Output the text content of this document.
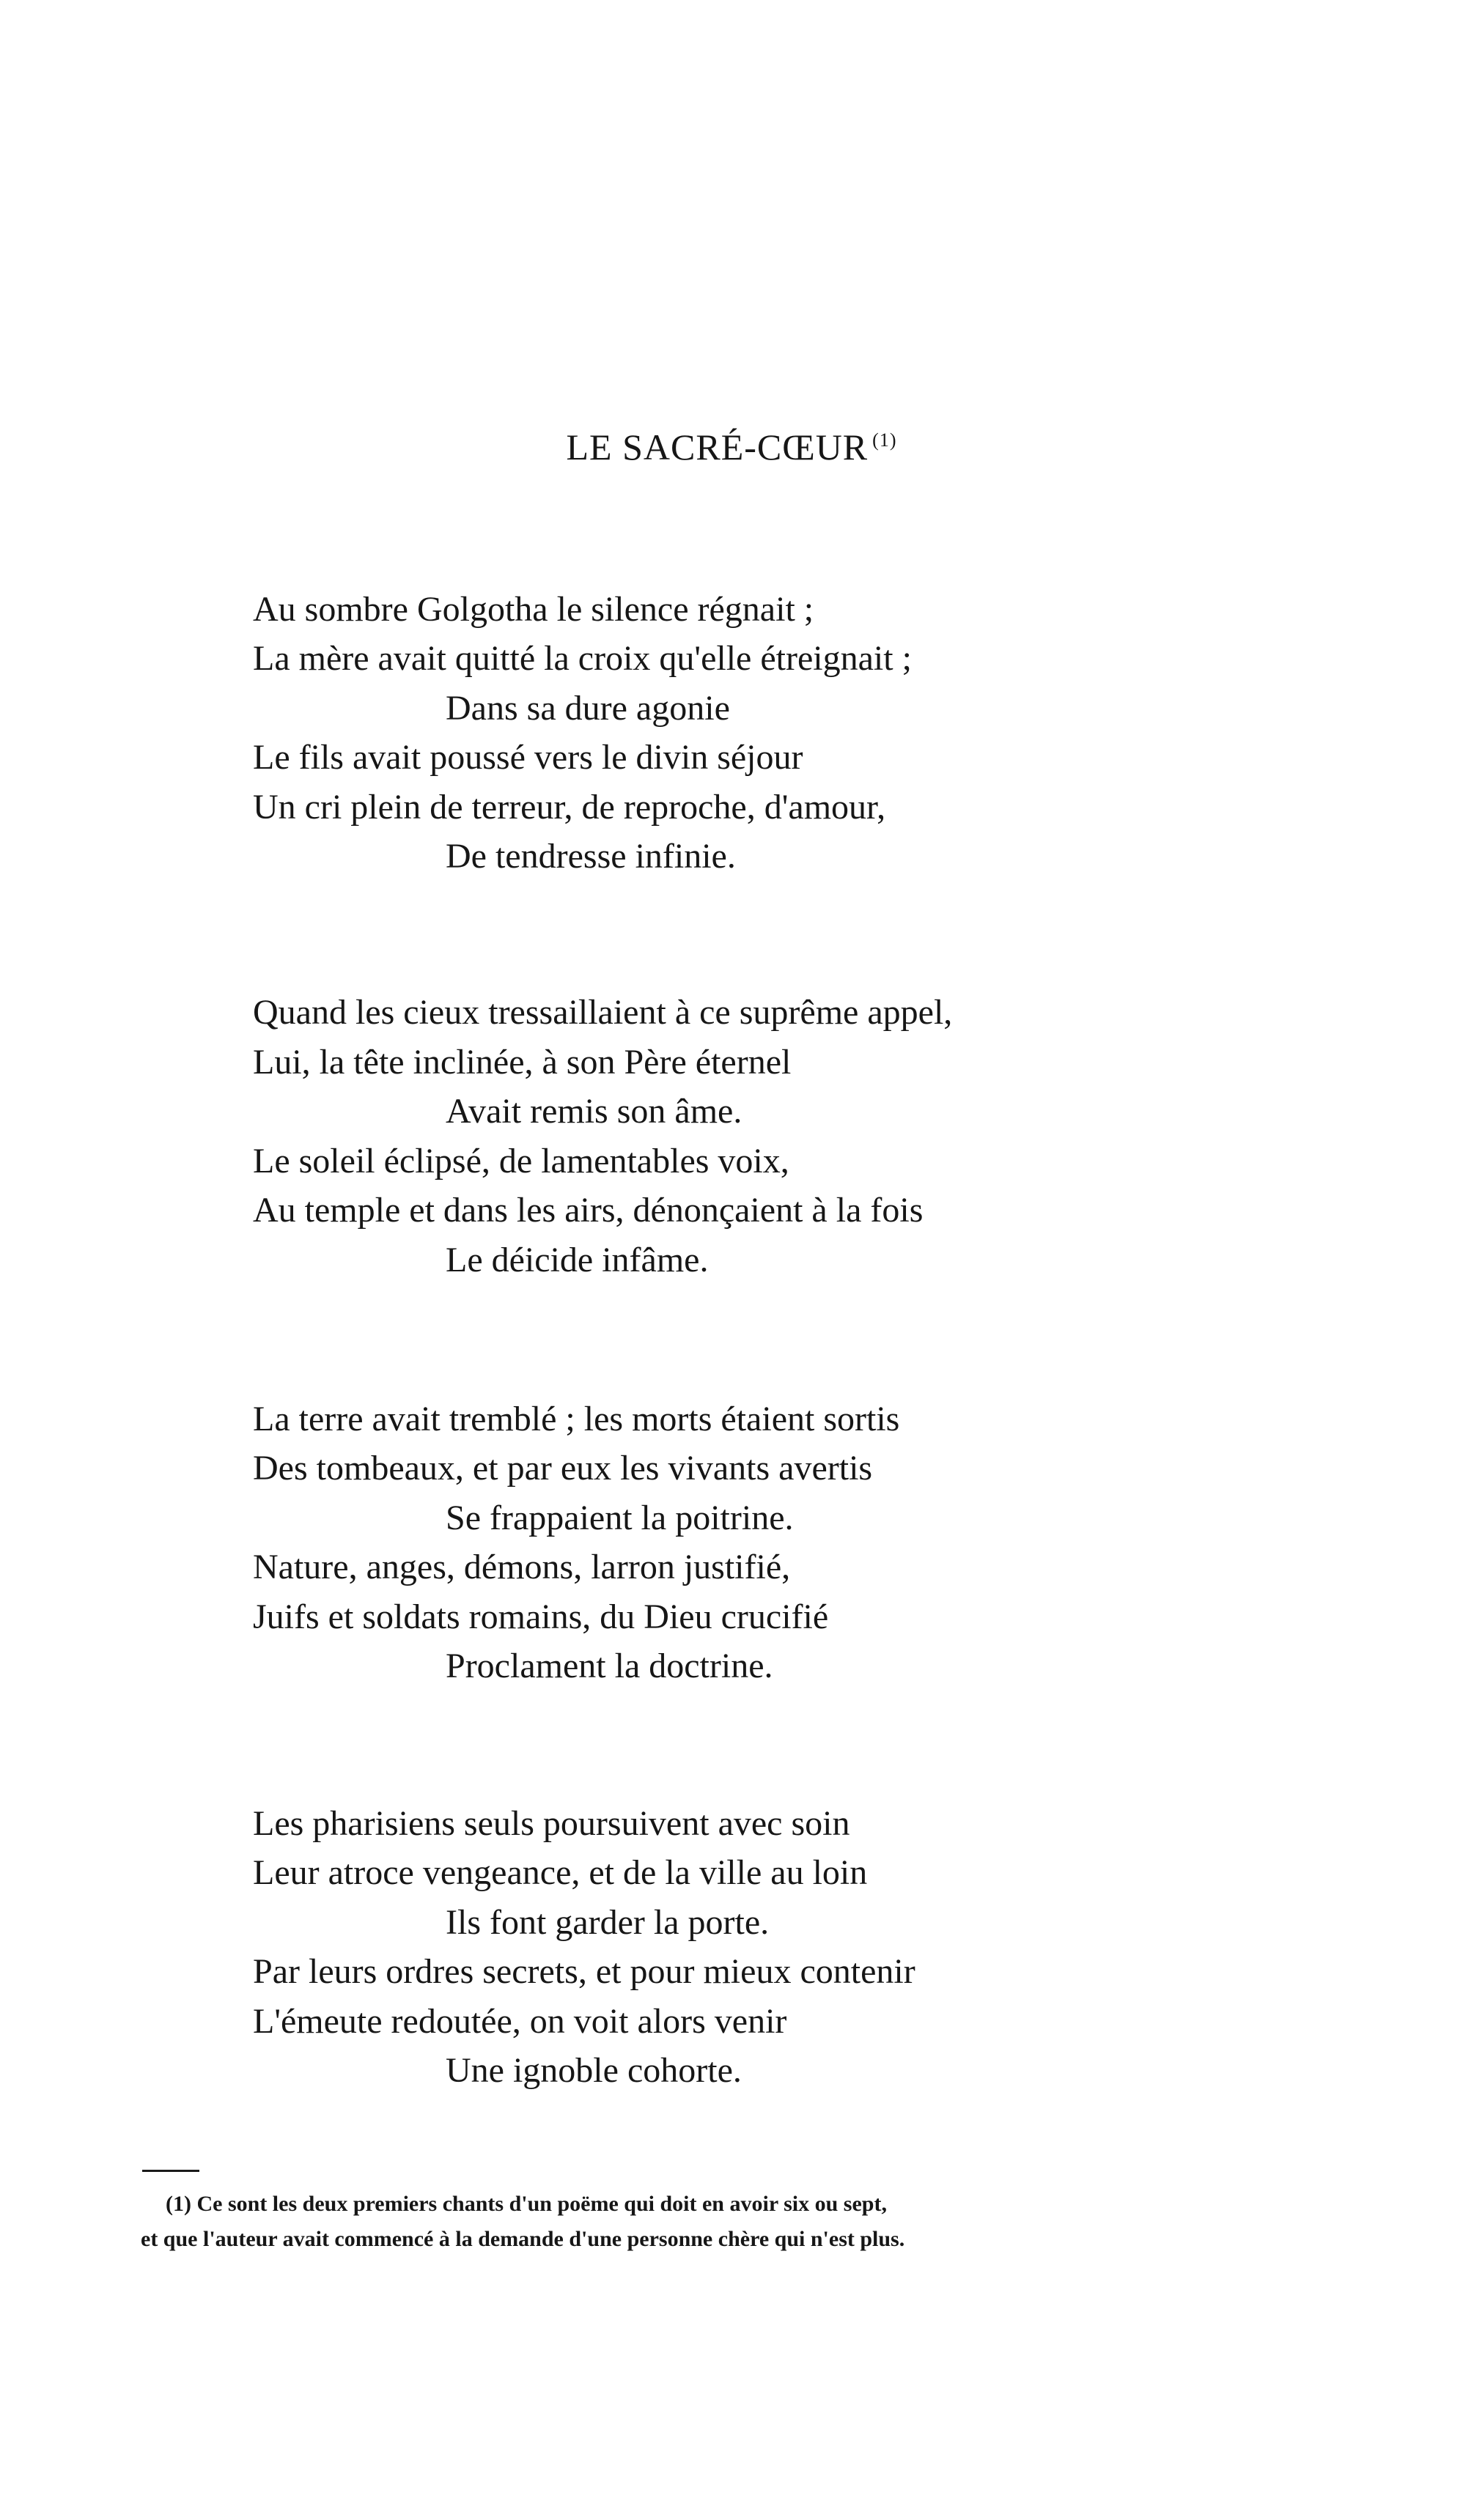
LE SACRÉ-CŒUR $^{(1)}$

Au sombre Golgotha le silence régnait ;

La mère avait quitté la croix qu'elle étreignait ;

Dans sa dure agonie

Le fils avait poussé vers le divin séjour

Un cri plein de terreur, de reproche, d'amour,

De tendresse infinie.

Quand les cieux tressaillaient à ce suprême appel,

Lui, la tête inclinée, à son Père éternel

Avait remis son âme.

Le soleil éclipsé, de lamentables voix,

Au temple et dans les airs, dénonçaient à la fois

Le déicide infâme.

La terre avait tremblé ; les morts étaient sortis

Des tombeaux, et par eux les vivants avertis

Se frappaient la poitrine.

Nature, anges, démons, larron justifié,

Juifs et soldats romains, du Dieu crucifié

Proclament la doctrine.

Les pharisiens seuls poursuivent avec soin

Leur atroce vengeance, et de la ville au loin

Ils font garder la porte.

Par leurs ordres secrets, et pour mieux contenir

L'émeute redoutée, on voit alors venir

Une ignoble cohorte.

(1) Ce sont les deux premiers chants d'un poëme qui doit en avoir six ou sept,

et que l'auteur avait commencé à la demande d'une personne chère qui n'est plus.
